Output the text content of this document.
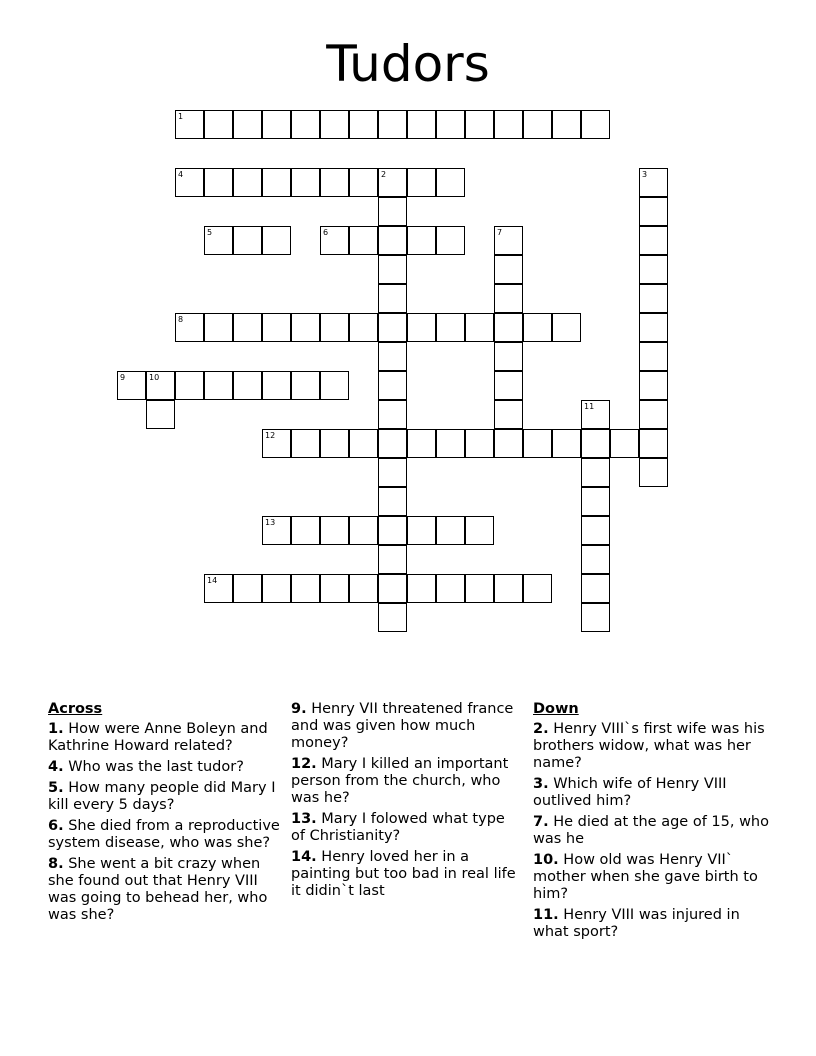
Tudors
1
4	2
5	6
8
9	10
12
13
14
3
7
11
Across
1. How were Anne Boleyn and Kathrine Howard related?
4. Who was the last tudor?
5. How many people did Mary I kill every 5 days?
6. She died from a reproductive system disease, who was she?
8. She went a bit crazy when she found out that Henry VIII was going to behead her, who was she?
9. Henry VII threatened france and was given how much money?
12. Mary I killed an important person from the church, who was he?
13. Mary I folowed what type of Christianity?
14. Henry loved her in a painting but too bad in real life it didin`t last
Down
2. Henry VIII`s first wife was his brothers widow, what was her name?
3. Which wife of Henry VIII outlived him?
7. He died at the age of 15, who was he
10. How old was Henry VII` mother when she gave birth to him?
11. Henry VIII was injured in what sport?
